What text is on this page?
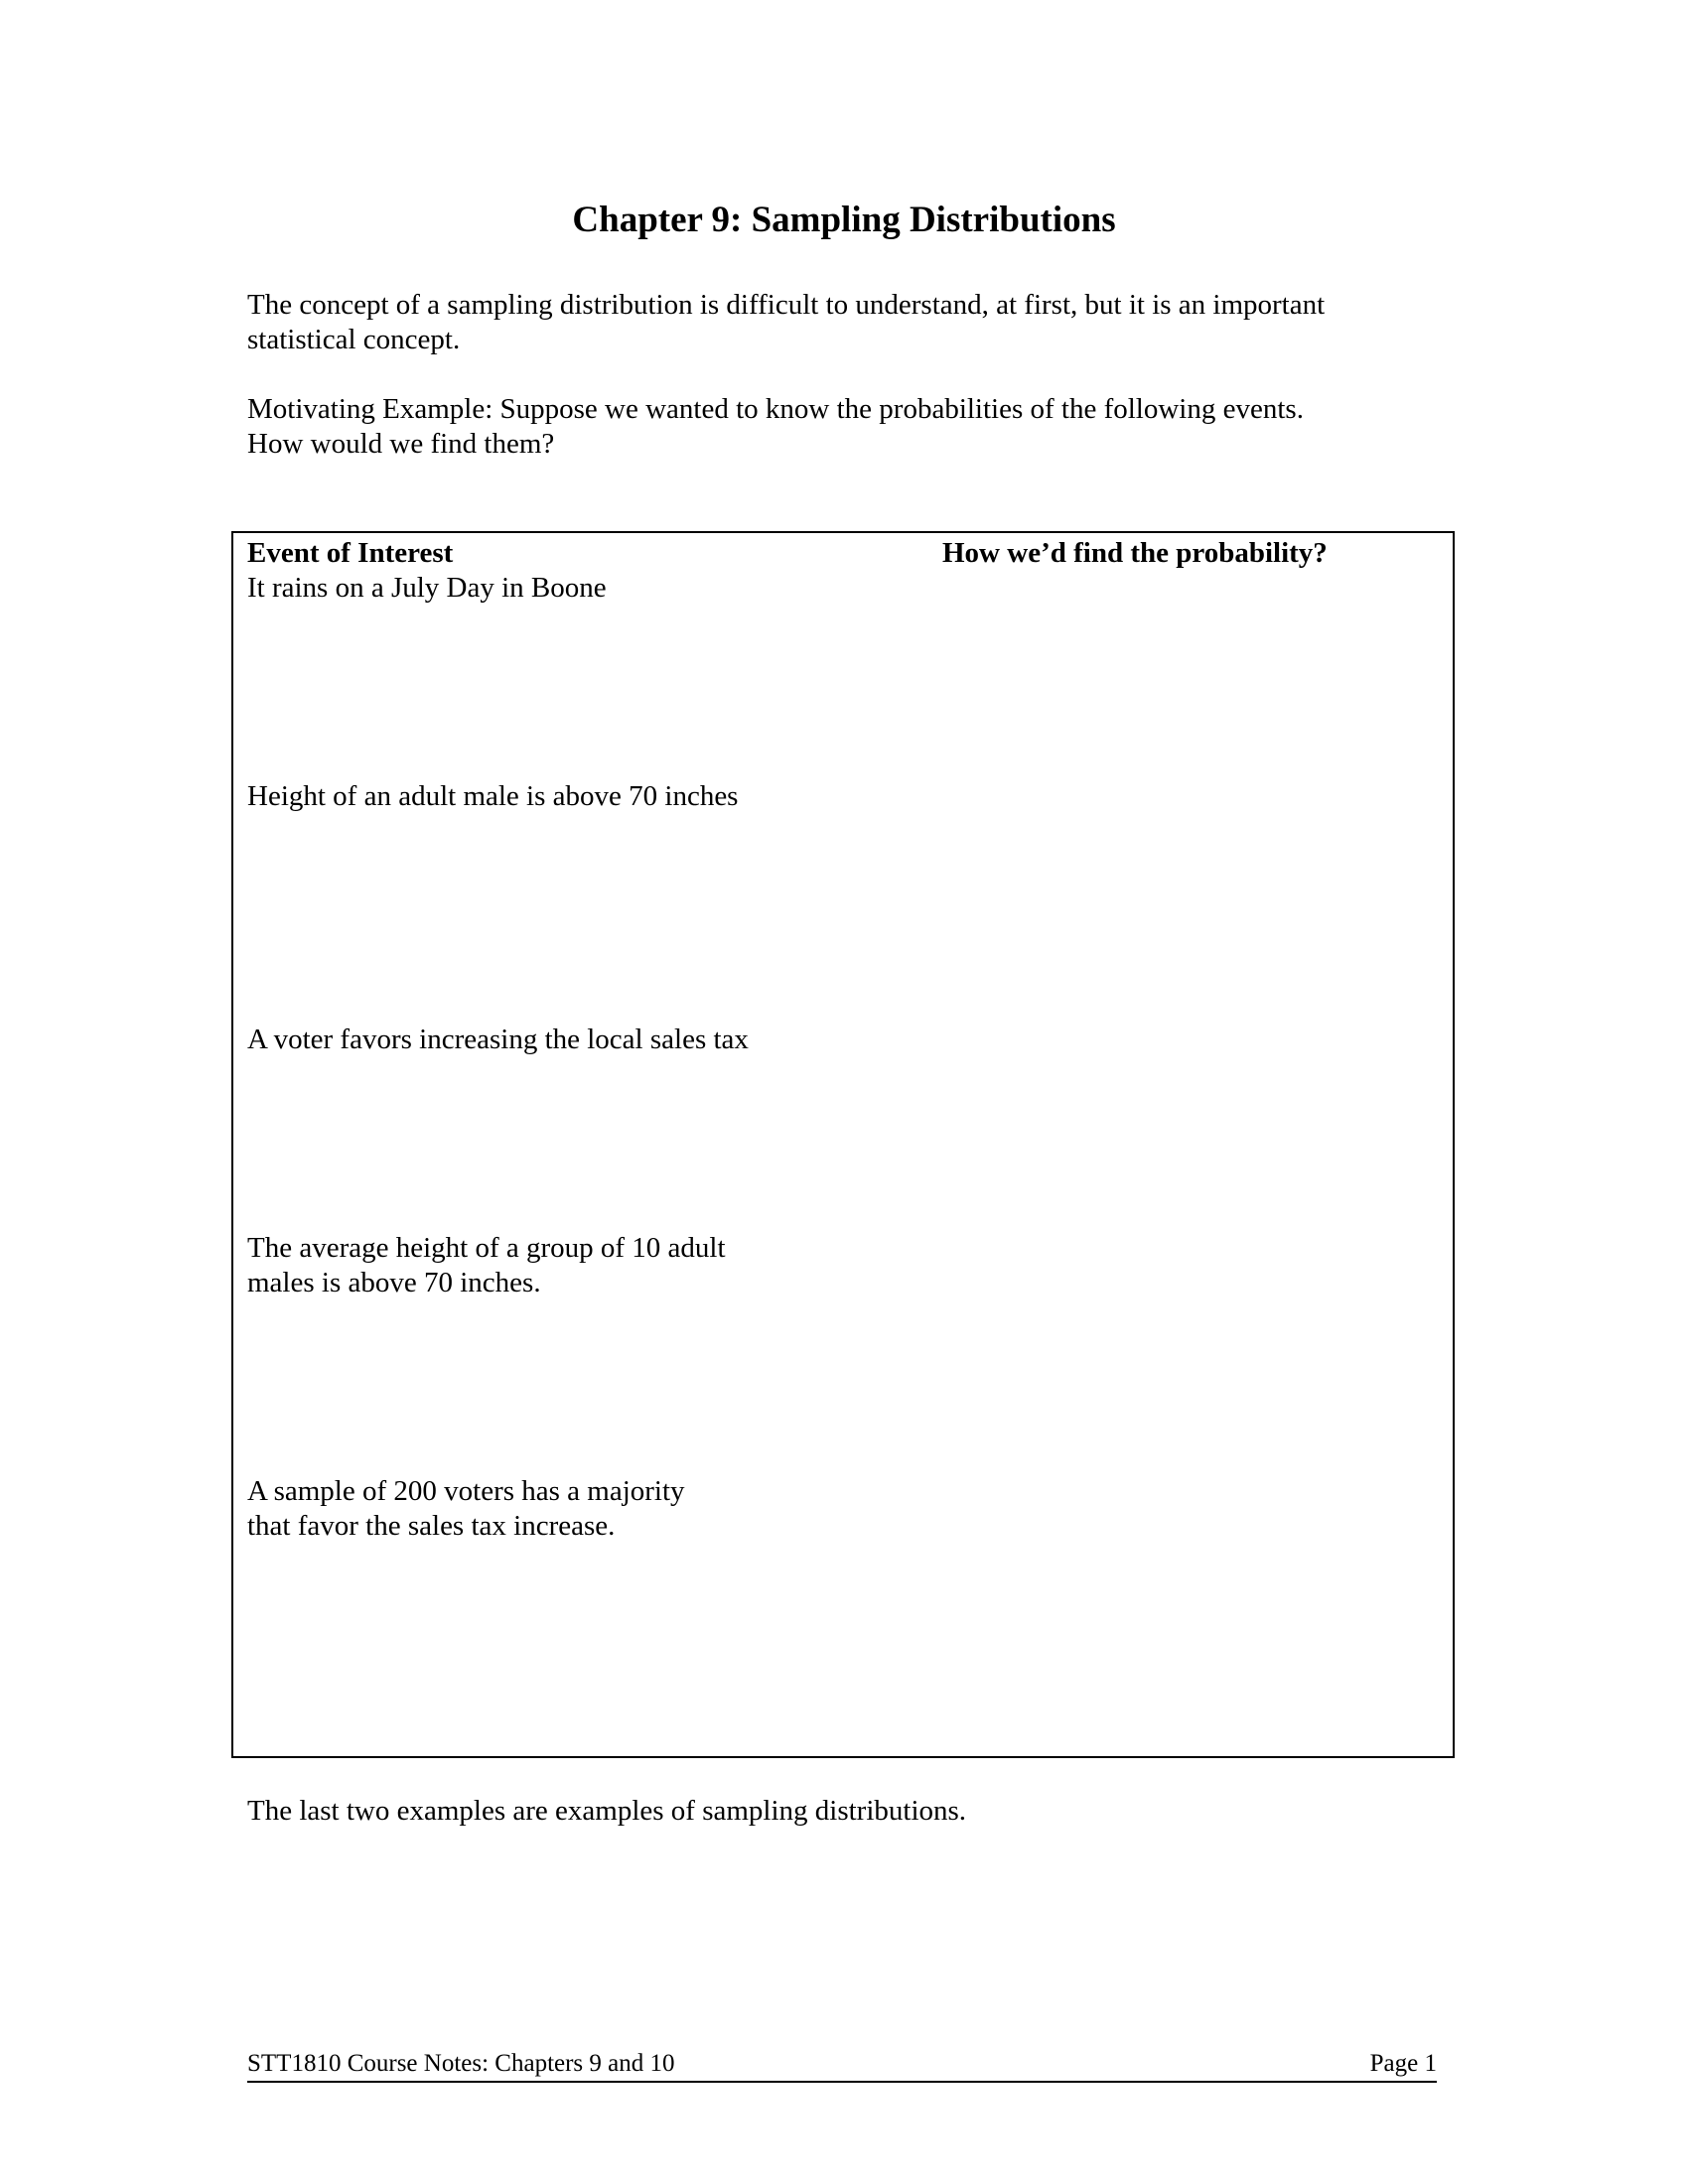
Chapter 9: Sampling Distributions
The concept of a sampling distribution is difficult to understand, at first, but it is an important
statistical concept.
Motivating Example: Suppose we wanted to know the probabilities of the following events.
How would we find them?
Event of Interest	How we’d find the probability?
It rains on a July Day in Boone
Height of an adult male is above 70 inches
A voter favors increasing the local sales tax
The average height of a group of 10 adult
males is above 70 inches.
A sample of 200 voters has a majority
that favor the sales tax increase.

The last two examples are examples of sampling distributions.

STT1810 Course Notes: Chapters 9 and 10	Page 1
